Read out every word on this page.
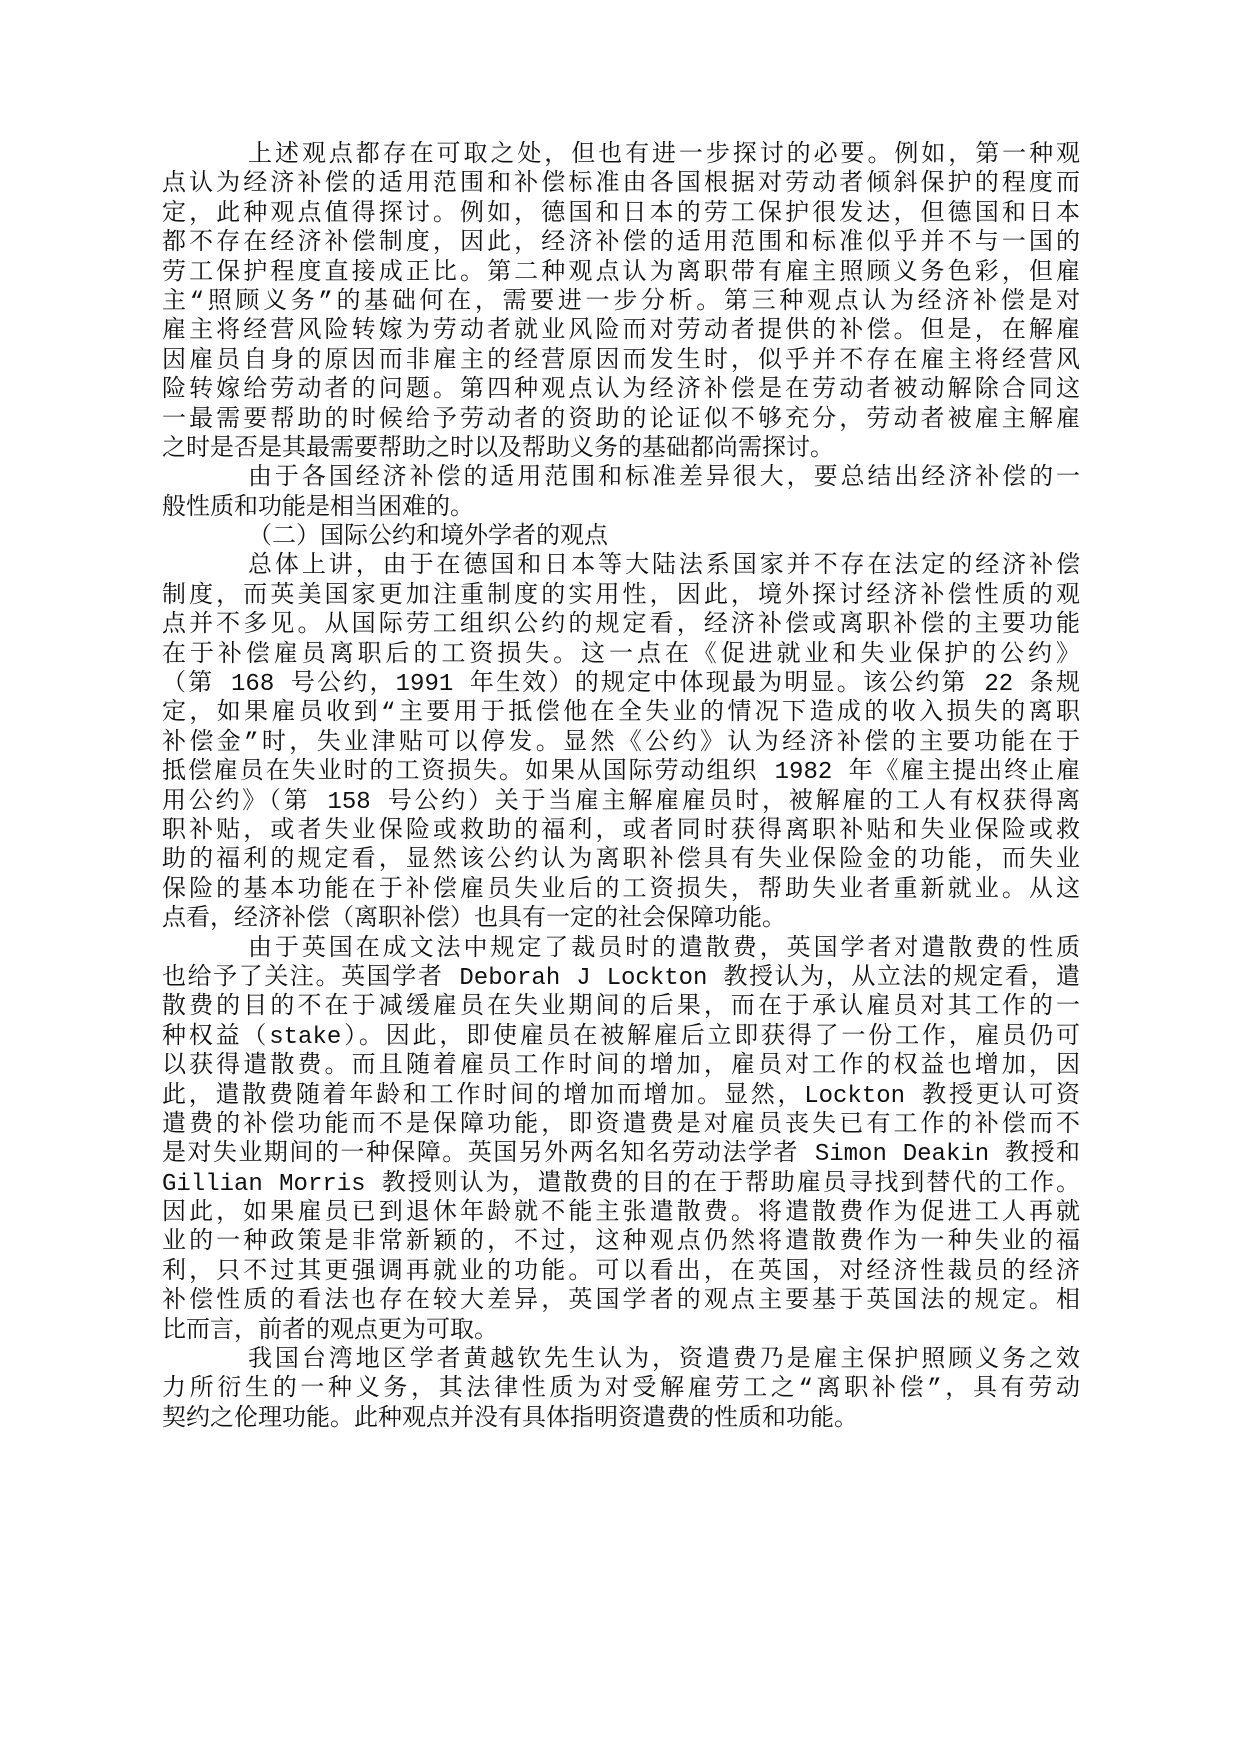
上述观点都存在可取之处，但也有进一步探讨的必要。例如，第一种观
点认为经济补偿的适用范围和补偿标准由各国根据对劳动者倾斜保护的程度而
定，此种观点值得探讨。例如，德国和日本的劳工保护很发达，但德国和日本
都不存在经济补偿制度，因此，经济补偿的适用范围和标准似乎并不与一国的
劳工保护程度直接成正比。第二种观点认为离职带有雇主照顾义务色彩，但雇
主“照顾义务”的基础何在，需要进一步分析。第三种观点认为经济补偿是对
雇主将经营风险转嫁为劳动者就业风险而对劳动者提供的补偿。但是，在解雇
因雇员自身的原因而非雇主的经营原因而发生时，似乎并不存在雇主将经营风
险转嫁给劳动者的问题。第四种观点认为经济补偿是在劳动者被动解除合同这
一最需要帮助的时候给予劳动者的资助的论证似不够充分，劳动者被雇主解雇
之时是否是其最需要帮助之时以及帮助义务的基础都尚需探讨。
由于各国经济补偿的适用范围和标准差异很大，要总结出经济补偿的一
般性质和功能是相当困难的。
（二）国际公约和境外学者的观点
总体上讲，由于在德国和日本等大陆法系国家并不存在法定的经济补偿
制度，而英美国家更加注重制度的实用性，因此，境外探讨经济补偿性质的观
点并不多见。从国际劳工组织公约的规定看，经济补偿或离职补偿的主要功能
在于补偿雇员离职后的工资损失。这一点在《促进就业和失业保护的公约》
（第 168 号公约，1991 年生效）的规定中体现最为明显。该公约第 22 条规
定，如果雇员收到“主要用于抵偿他在全失业的情况下造成的收入损失的离职
补偿金”时，失业津贴可以停发。显然《公约》认为经济补偿的主要功能在于
抵偿雇员在失业时的工资损失。如果从国际劳动组织 1982 年《雇主提出终止雇
用公约》（第 158 号公约）关于当雇主解雇雇员时，被解雇的工人有权获得离
职补贴，或者失业保险或救助的福利，或者同时获得离职补贴和失业保险或救
助的福利的规定看，显然该公约认为离职补偿具有失业保险金的功能，而失业
保险的基本功能在于补偿雇员失业后的工资损失，帮助失业者重新就业。从这
点看，经济补偿（离职补偿）也具有一定的社会保障功能。
由于英国在成文法中规定了裁员时的遣散费，英国学者对遣散费的性质
也给予了关注。英国学者 Deborah J Lockton 教授认为，从立法的规定看，遣
散费的目的不在于减缓雇员在失业期间的后果，而在于承认雇员对其工作的一
种权益（stake）。因此，即使雇员在被解雇后立即获得了一份工作，雇员仍可
以获得遣散费。而且随着雇员工作时间的增加，雇员对工作的权益也增加，因
此，遣散费随着年龄和工作时间的增加而增加。显然，Lockton 教授更认可资
遣费的补偿功能而不是保障功能，即资遣费是对雇员丧失已有工作的补偿而不
是对失业期间的一种保障。英国另外两名知名劳动法学者 Simon Deakin 教授和
Gillian Morris 教授则认为，遣散费的目的在于帮助雇员寻找到替代的工作。
因此，如果雇员已到退休年龄就不能主张遣散费。将遣散费作为促进工人再就
业的一种政策是非常新颖的，不过，这种观点仍然将遣散费作为一种失业的福
利，只不过其更强调再就业的功能。可以看出，在英国，对经济性裁员的经济
补偿性质的看法也存在较大差异，英国学者的观点主要基于英国法的规定。相
比而言，前者的观点更为可取。
我国台湾地区学者黄越钦先生认为，资遣费乃是雇主保护照顾义务之效
力所衍生的一种义务，其法律性质为对受解雇劳工之“离职补偿”，具有劳动
契约之伦理功能。此种观点并没有具体指明资遣费的性质和功能。
